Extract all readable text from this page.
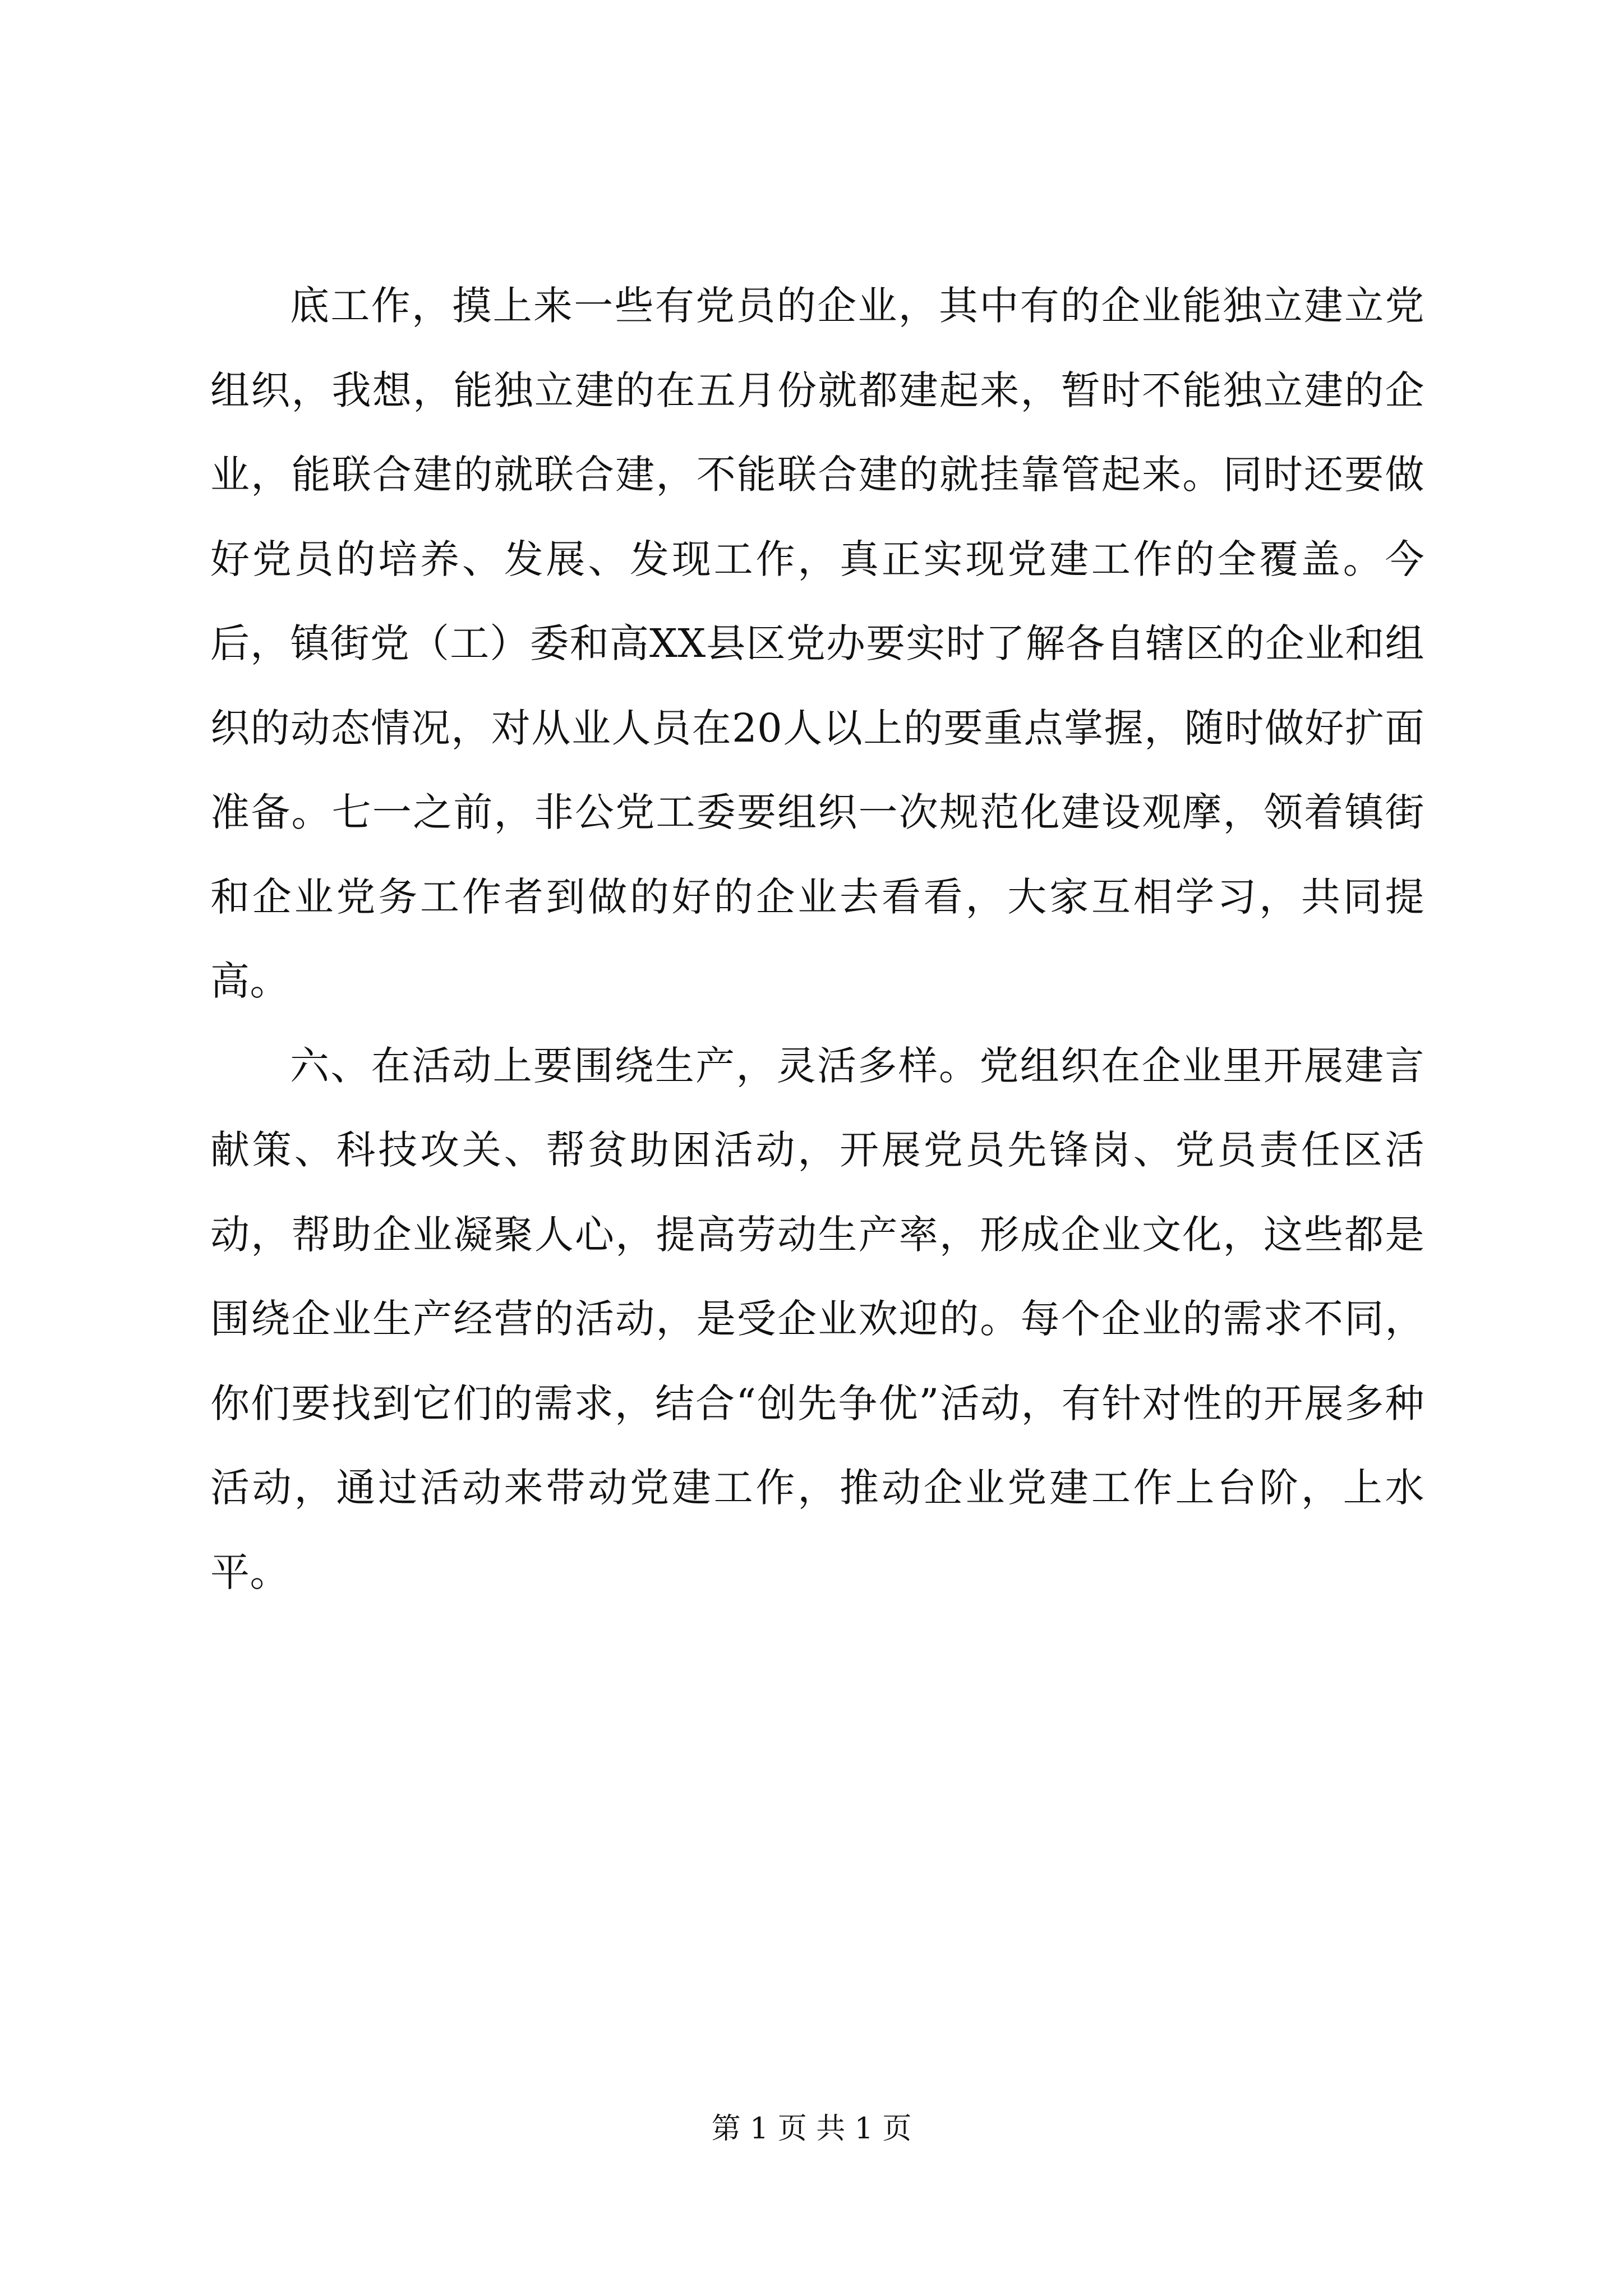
底工作，摸上来一些有党员的企业，其中有的企业能独立建立党组织，我想，能独立建的在五月份就都建起来，暂时不能独立建的企业，能联合建的就联合建，不能联合建的就挂靠管起来。同时还要做好党员的培养、发展、发现工作，真正实现党建工作的全覆盖。今后，镇街党（工）委和高XX县区党办要实时了解各自辖区的企业和组织的动态情况，对从业人员在20人以上的要重点掌握，随时做好扩面准备。七一之前，非公党工委要组织一次规范化建设观摩，领着镇街和企业党务工作者到做的好的企业去看看，大家互相学习，共同提高。

六、在活动上要围绕生产，灵活多样。党组织在企业里开展建言献策、科技攻关、帮贫助困活动，开展党员先锋岗、党员责任区活动，帮助企业凝聚人心，提高劳动生产率，形成企业文化，这些都是围绕企业生产经营的活动，是受企业欢迎的。每个企业的需求不同，你们要找到它们的需求，结合“创先争优”活动，有针对性的开展多种活动，通过活动来带动党建工作，推动企业党建工作上台阶，上水平。

第 1 页 共 1 页
